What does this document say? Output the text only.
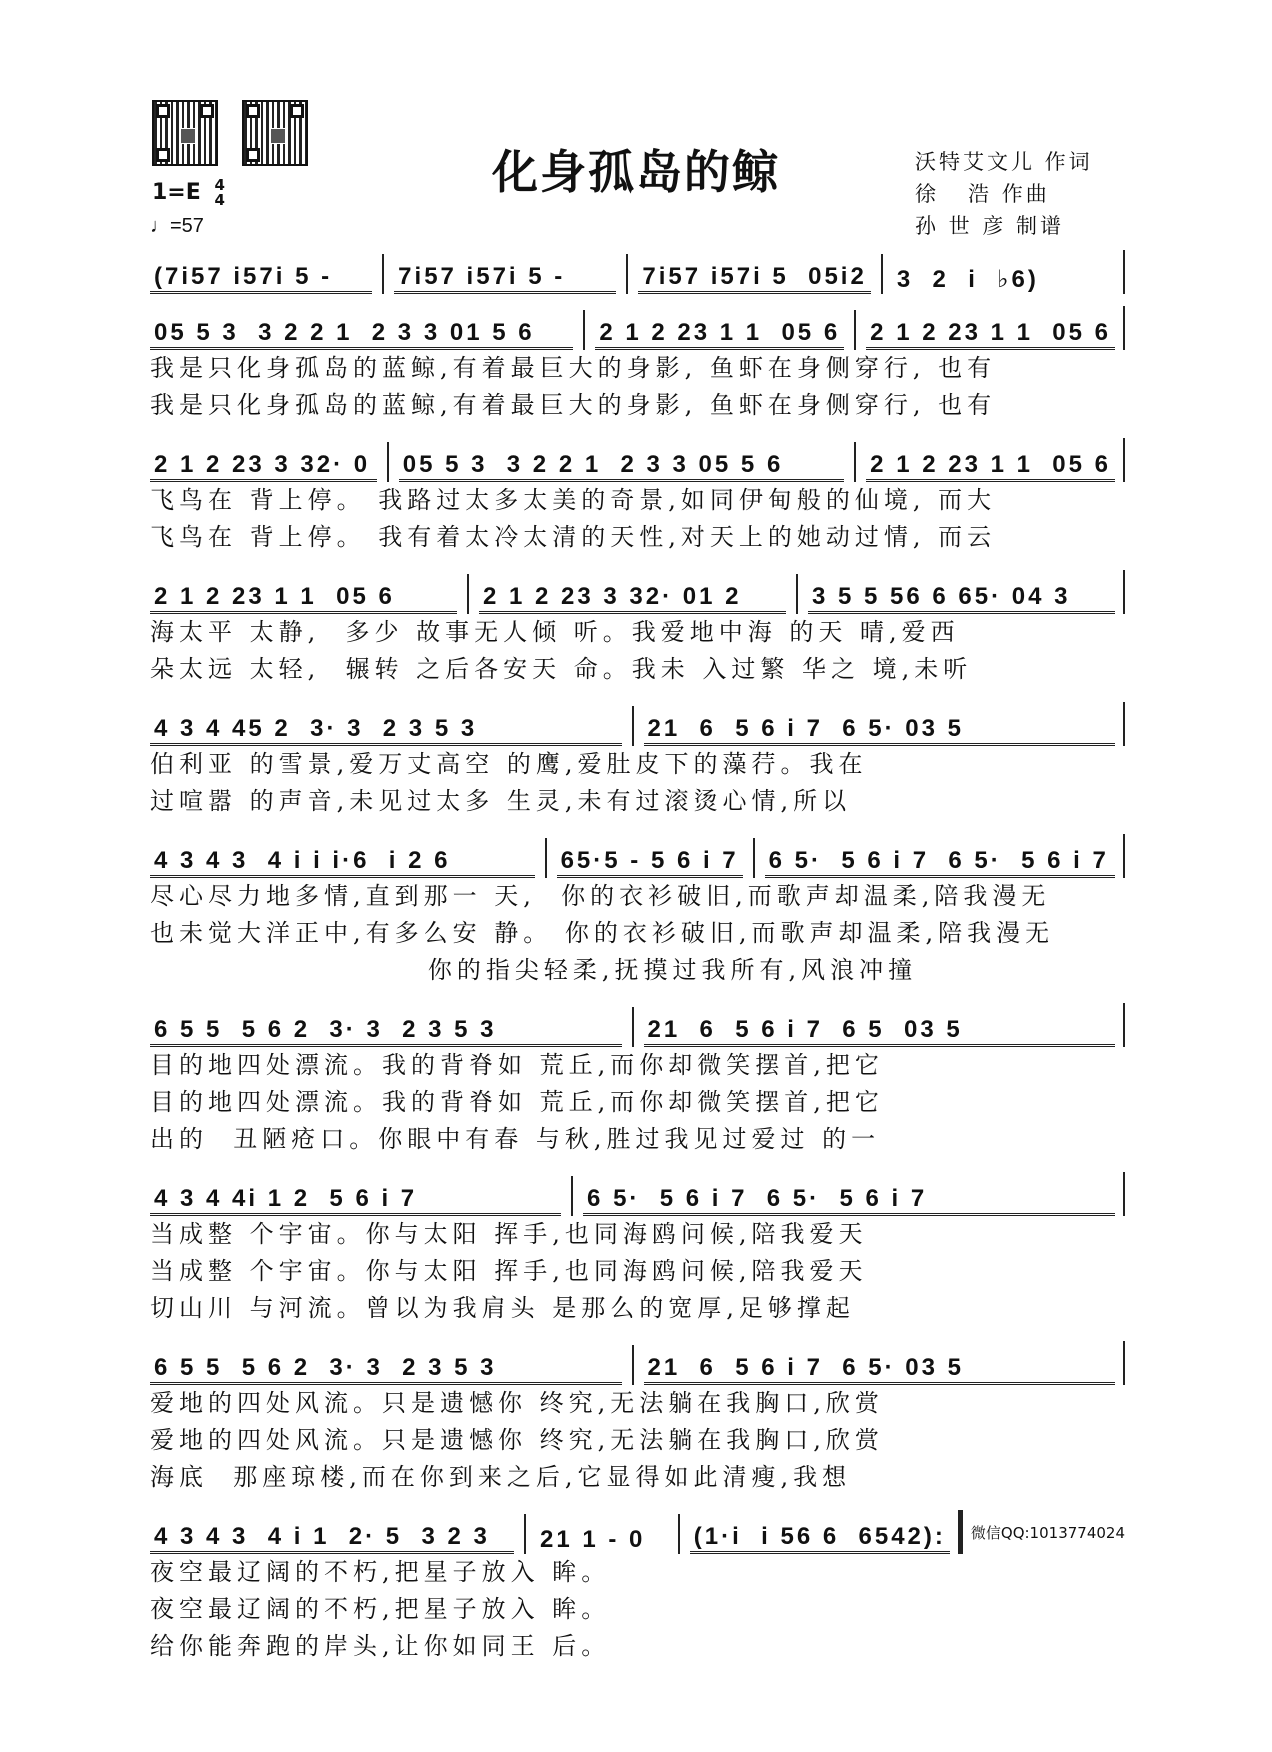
化身孤岛的鲸	沃特艾文儿 作词
徐   浩 作曲
孙 世 彦 制谱
1=E 4
4
♩=57
(7i57 i57i 5 -	7i57 i57i 5 -	7i57 i57i 5  05i2 3  2  i  ♭6)
05 5 3  3 2 2 1  2 3 3 01 5 6	2 1 2 23 1 1  05 6 2 1 2 23 1 1  05 6
我是只化身孤岛的蓝鲸,有着最巨大的身影, 鱼虾在身侧穿行, 也有
我是只化身孤岛的蓝鲸,有着最巨大的身影, 鱼虾在身侧穿行, 也有
2 1 2 23 3 32· 0 05 5 3  3 2 2 1  2 3 3 05 5 6	2 1 2 23 1 1  05 6
飞鸟在 背上停。 我路过太多太美的奇景,如同伊甸般的仙境, 而大
飞鸟在 背上停。 我有着太冷太清的天性,对天上的她动过情, 而云
2 1 2 23 1 1  05 6	2 1 2 23 3 32· 01 2	3 5 5 56 6 65· 04 3
海太平 太静,  多少 故事无人倾 听。我爱地中海 的天 晴,爱西
朵太远 太轻,  辗转 之后各安天 命。我未 入过繁 华之 境,未听
4 3 4 45 2  3· 3  2 3 5 3	21  6  5 6 i 7  6 5· 03 5
伯利亚 的雪景,爱万丈高空 的鹰,爱肚皮下的藻荇。我在
过喧嚣 的声音,未见过太多 生灵,未有过滚烫心情,所以
4 3 4 3  4 i i i·6  i 2 6	65·5 - 5 6 i 7 6 5·  5 6 i 7  6 5·  5 6 i 7
尽心尽力地多情,直到那一 天,  你的衣衫破旧,而歌声却温柔,陪我漫无
也未觉大洋正中,有多么安 静。 你的衣衫破旧,而歌声却温柔,陪我漫无
你的指尖轻柔,抚摸过我所有,风浪冲撞
6 5 5  5 6 2  3· 3  2 3 5 3	21  6  5 6 i 7  6 5  03 5
目的地四处漂流。我的背脊如 荒丘,而你却微笑摆首,把它
目的地四处漂流。我的背脊如 荒丘,而你却微笑摆首,把它
出的  丑陋疮口。你眼中有春 与秋,胜过我见过爱过 的一
4 3 4 4i 1 2  5 6 i 7	6 5·  5 6 i 7  6 5·  5 6 i 7
当成整 个宇宙。你与太阳 挥手,也同海鸥问候,陪我爱天
当成整 个宇宙。你与太阳 挥手,也同海鸥问候,陪我爱天
切山川 与河流。曾以为我肩头 是那么的宽厚,足够撑起
6 5 5  5 6 2  3· 3  2 3 5 3	21  6  5 6 i 7  6 5· 03 5
爱地的四处风流。只是遗憾你 终究,无法躺在我胸口,欣赏
爱地的四处风流。只是遗憾你 终究,无法躺在我胸口,欣赏
海底  那座琼楼,而在你到来之后,它显得如此清瘦,我想
4 3 4 3  4 i 1  2· 5  3 2 3	21 1 - 0	(1·i  i 56 6  6542): 微信QQ:1013774024
夜空最辽阔的不朽,把星子放入 眸。
夜空最辽阔的不朽,把星子放入 眸。
给你能奔跑的岸头,让你如同王 后。
